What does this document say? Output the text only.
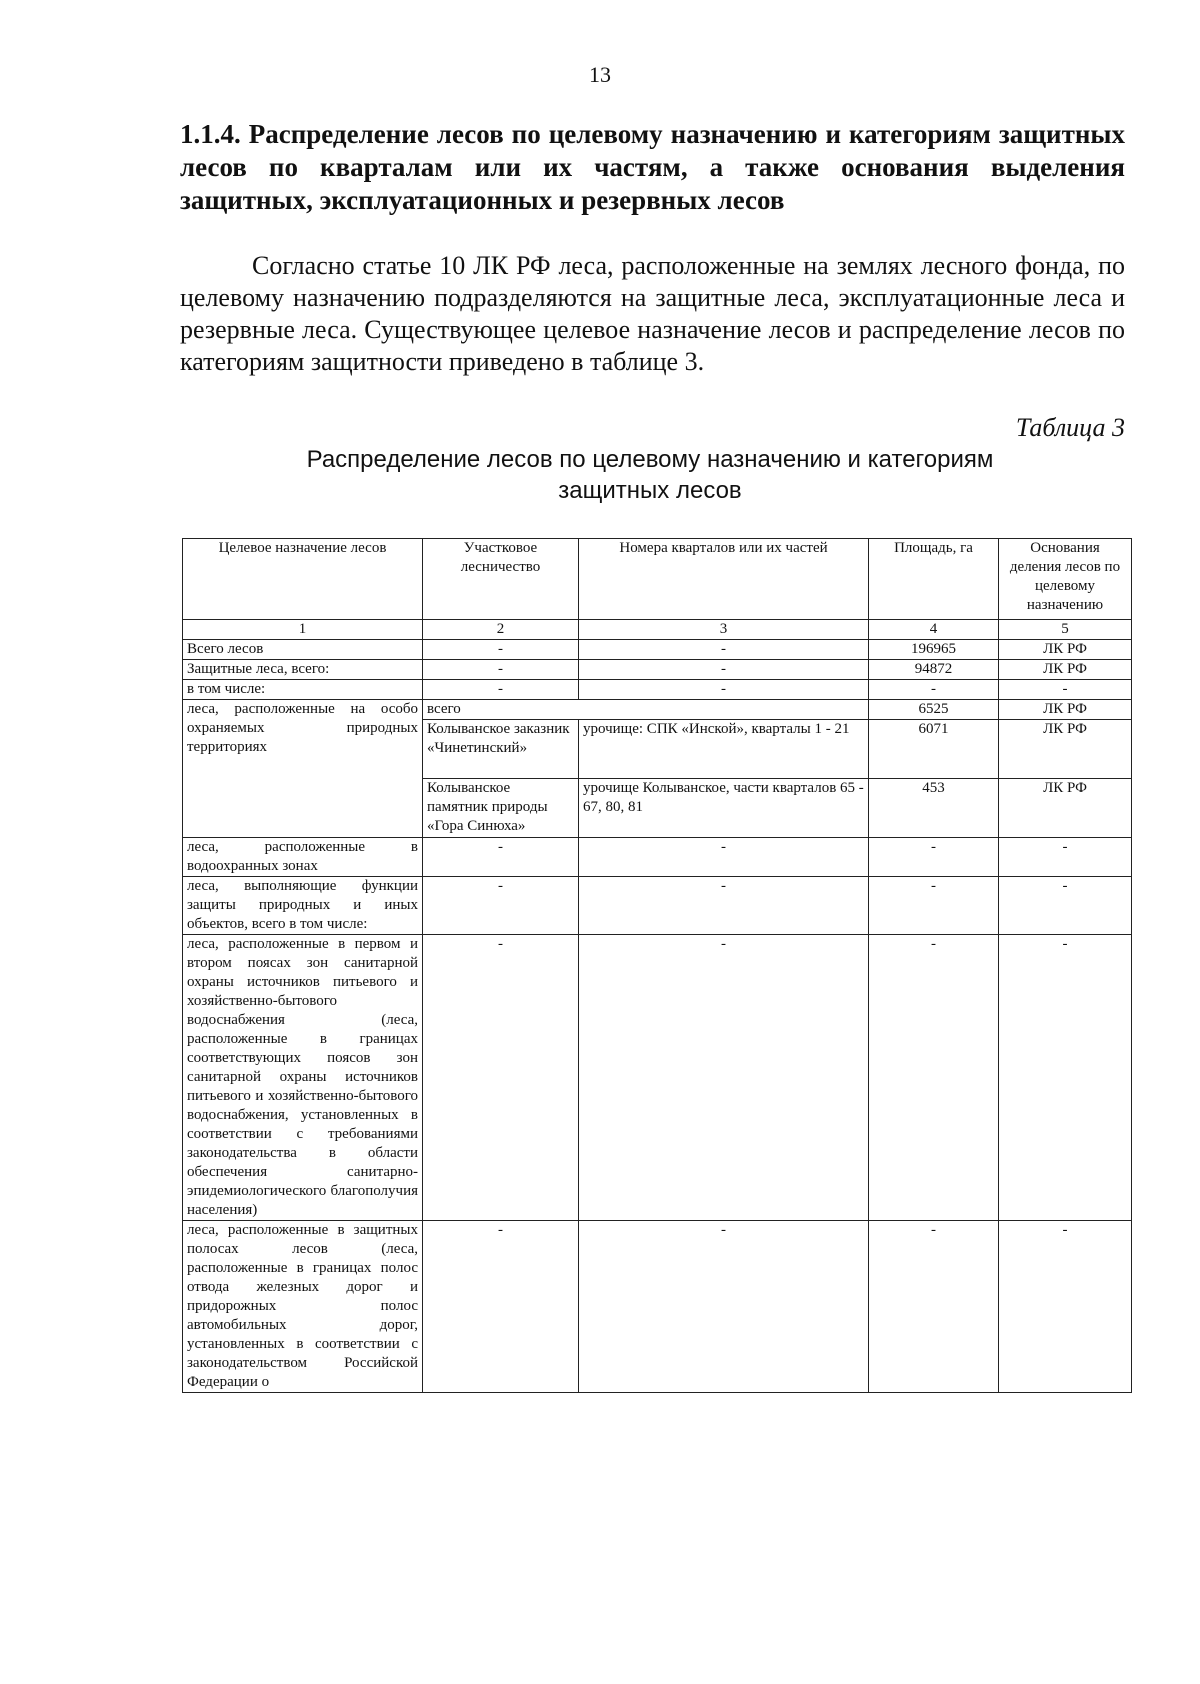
13
1.1.4. Распределение лесов по целевому назначению и категориям защитных лесов по кварталам или их частям, а также основания выделения защитных, эксплуатационных и резервных лесов
Согласно статье 10 ЛК РФ леса, расположенные на землях лесного фонда, по целевому назначению подразделяются на защитные леса, эксплуатационные леса и резервные леса. Существующее целевое назначение лесов и распределение лесов по категориям защитности приведено в таблице 3.
Таблица 3
Распределение лесов по целевому назначению и категориям защитных лесов
Целевое назначение лесов	Участковое лесничество	Номера кварталов или их частей	Площадь, га	Основания деления лесов по целевому назначению
1	2	3	4	5
Всего лесов	-	-	196965	ЛК РФ
Защитные леса, всего:	-	-	94872	ЛК РФ
в том числе:	-	-	-	-
леса, расположенные на особо охраняемых природных территориях	всего		6525	ЛК РФ
	Колыванское заказник «Чинетинский»	урочище: СПК «Инской», кварталы 1 - 21	6071	ЛК РФ
	Колыванское памятник природы «Гора Синюха»	урочище Колыванское, части кварталов 65 - 67, 80, 81	453	ЛК РФ
леса, расположенные в водоохранных зонах	-	-	-	-
леса, выполняющие функции защиты природных и иных объектов, всего в том числе:	-	-	-	-
леса, расположенные в первом и втором поясах зон санитарной охраны источников питьевого и хозяйственно-бытового водоснабжения (леса, расположенные в границах соответствующих поясов зон санитарной охраны источников питьевого и хозяйственно-бытового водоснабжения, установленных в соответствии с требованиями законодательства в области обеспечения санитарно-эпидемиологического благополучия населения)	-	-	-	-
леса, расположенные в защитных полосах лесов (леса, расположенные в границах полос отвода железных дорог и придорожных полос автомобильных дорог, установленных в соответствии с законодательством Российской Федерации о	-	-	-	-
